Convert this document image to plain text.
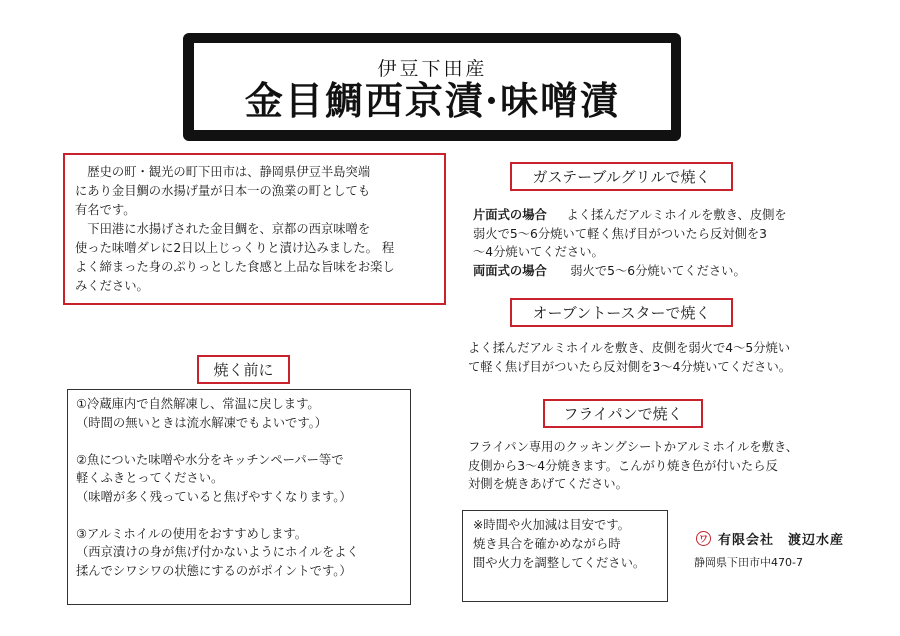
伊豆下田産
金目鯛西京漬·味噌漬

歴史の町・観光の町下田市は、静岡県伊豆半島突端
にあり金目鯛の水揚げ量が日本一の漁業の町としても
有名です。

下田港に水揚げされた金目鯛を、京都の西京味噌を
使った味噌ダレに2日以上じっくりと漬け込みました。 程
よく締まった身のぷりっとした食感と上品な旨味をお楽し
みください。

ガステーブルグリルで焼く
片面式の場合 よく揉んだアルミホイルを敷き、皮側を
弱火で5～6分焼いて軽く焦げ目がついたら反対側を3
～4分焼いてください。
両面式の場合 弱火で5～6分焼いてください。
オーブントースターで焼く
よく揉んだアルミホイルを敷き、皮側を弱火で4～5分焼い
て軽く焦げ目がついたら反対側を3～4分焼いてください。
フライパンで焼く
フライパン専用のクッキングシートかアルミホイルを敷き、
皮側から3～4分焼きます。こんがり焼き色が付いたら反
対側を焼きあげてください。
焼く前に

①冷蔵庫内で自然解凍し、常温に戻します。

（時間の無いときは流水解凍でもよいです。）

②魚についた味噌や水分をキッチンペーパー等で

軽くふきとってください。

（味噌が多く残っていると焦げやすくなります。）

③アルミホイルの使用をおすすめします。

（西京漬けの身が焦げ付かないようにホイルをよく

揉んでシワシワの状態にするのがポイントです。）

※時間や火加減は目安です。
焼き具合を確かめながら時
間や火力を調整してください。
ワ 有限会社　渡辺水産
静岡県下田市中470-7
